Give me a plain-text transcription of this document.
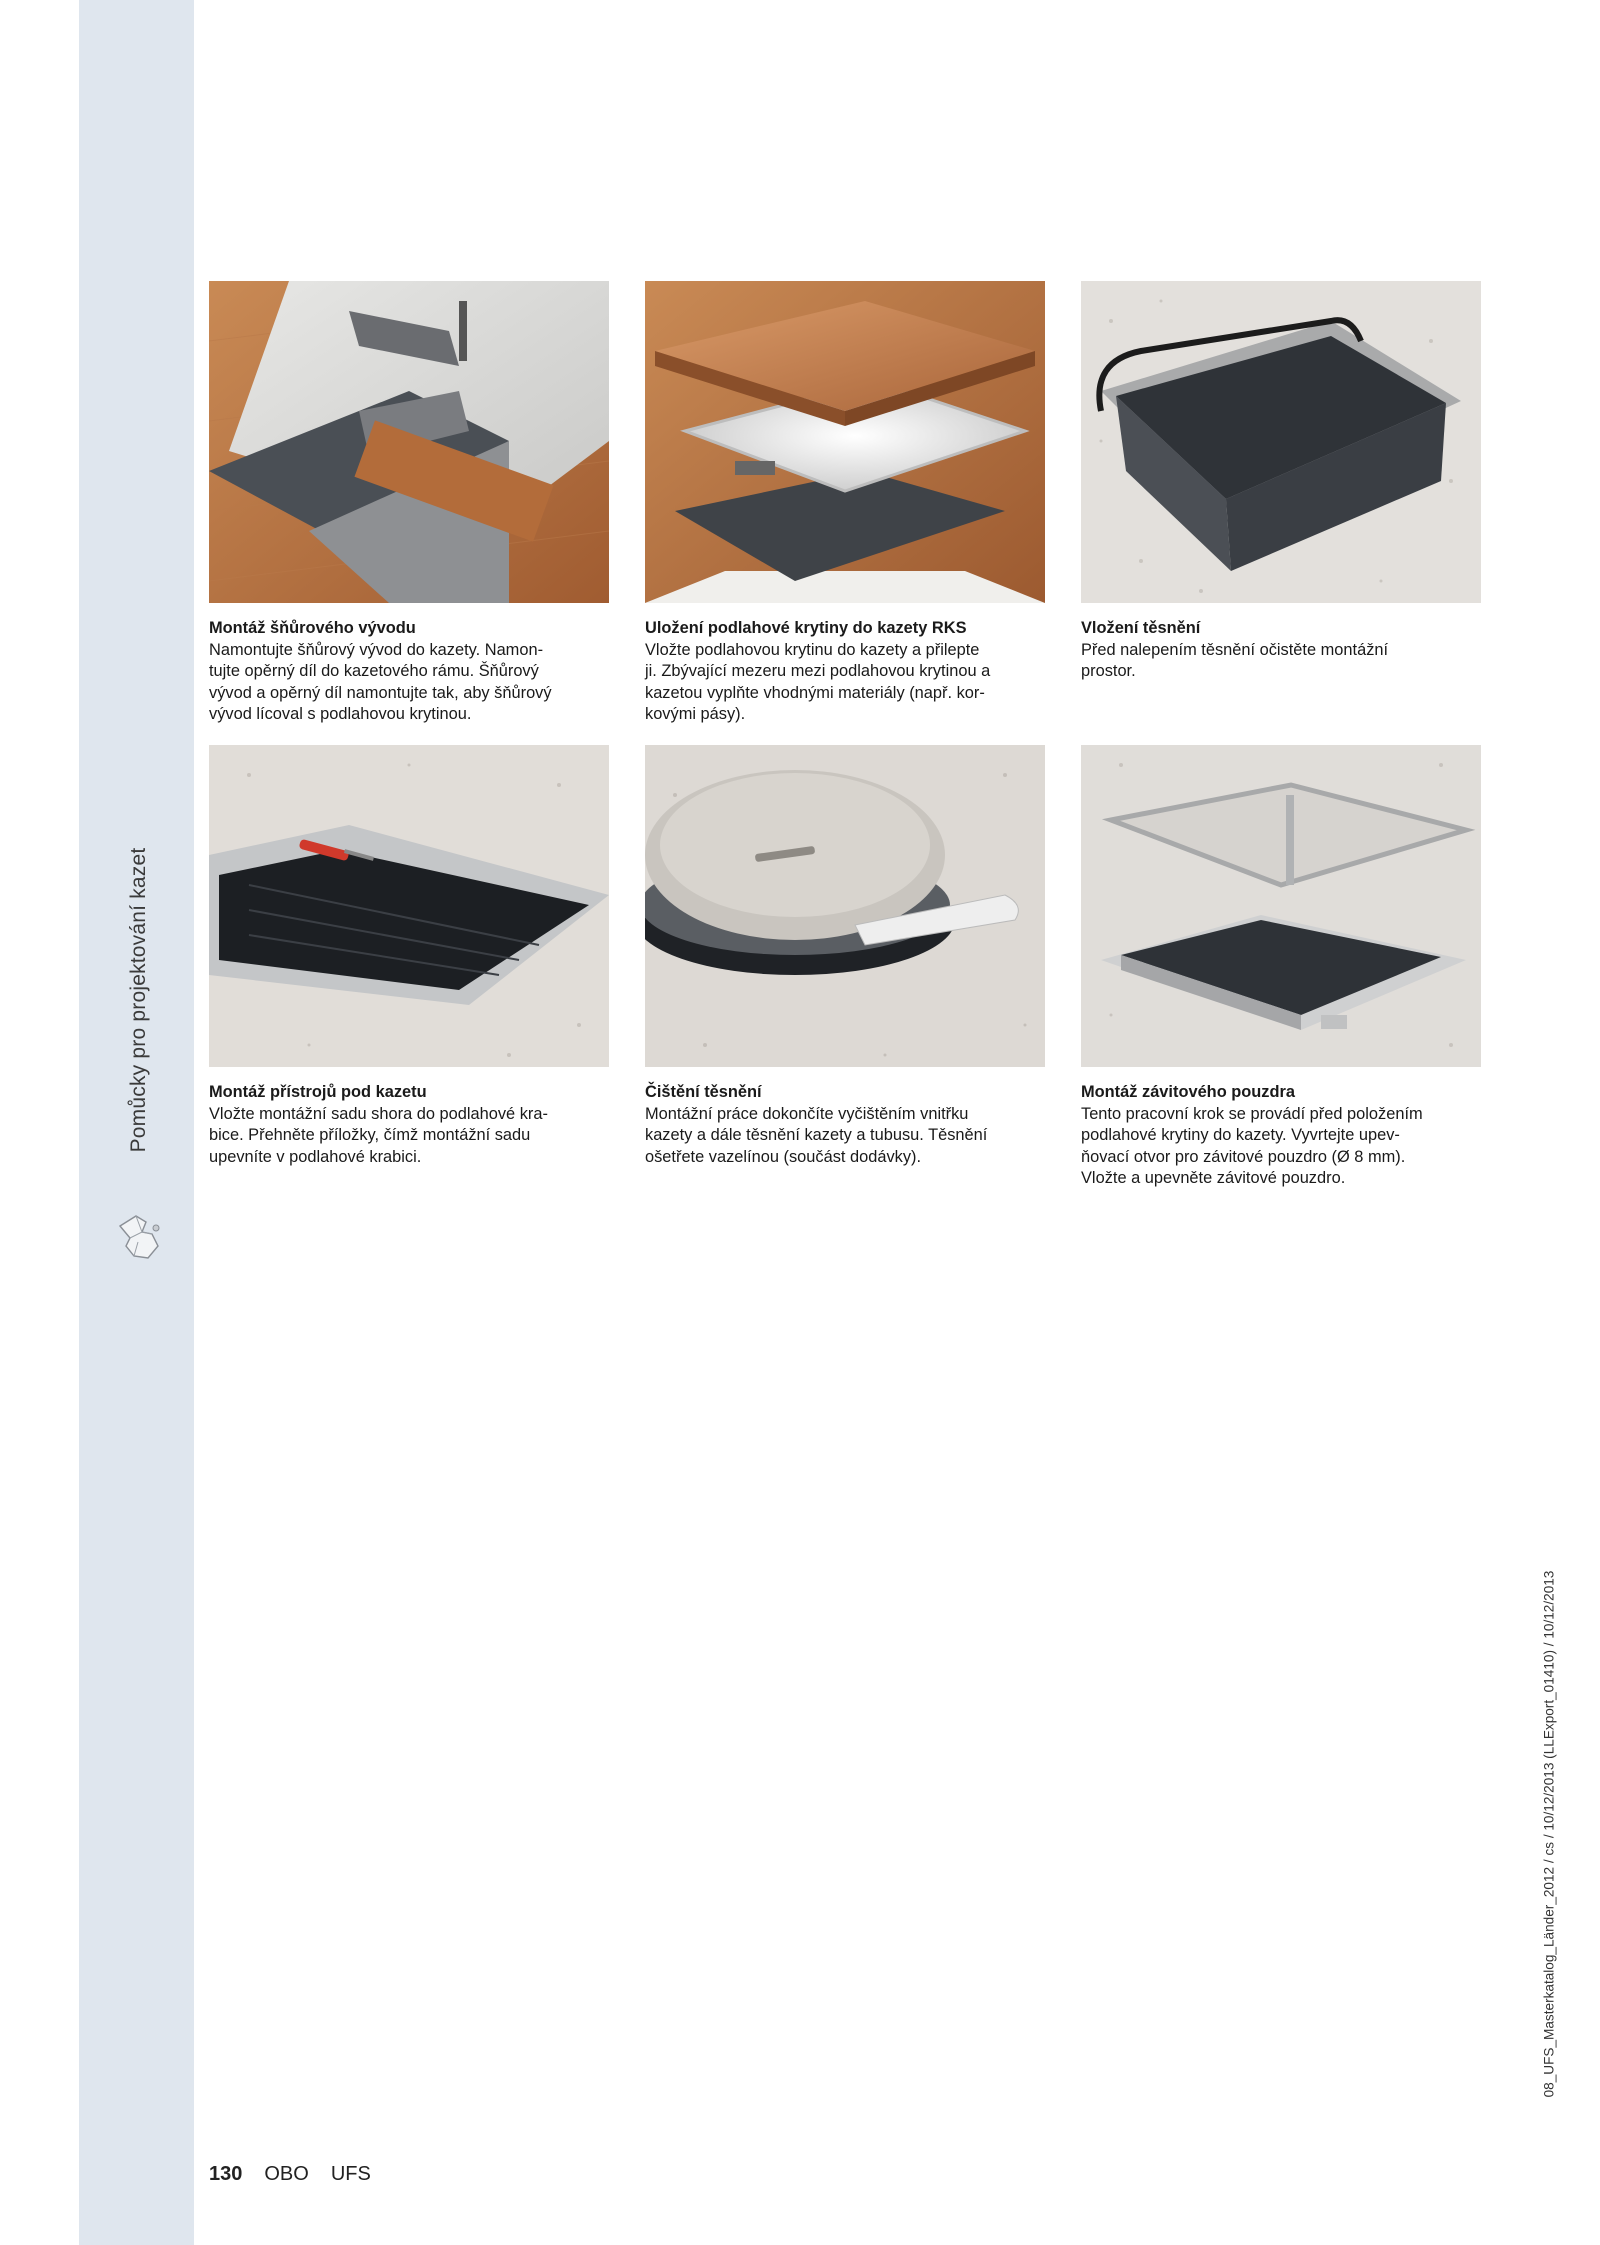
Pomůcky pro projektování kazet
Montáž šňůrového vývodu
Namontujte šňůrový vývod do kazety. Namon-
tujte opěrný díl do kazetového rámu. Šňůrový
vývod a opěrný díl namontujte tak, aby šňůrový
vývod lícoval s podlahovou krytinou.
Uložení podlahové krytiny do kazety RKS
Vložte podlahovou krytinu do kazety a přilepte
ji. Zbývající mezeru mezi podlahovou krytinou a
kazetou vyplňte vhodnými materiály (např. kor-
kovými pásy).
Vložení těsnění
Před nalepením těsnění očistěte montážní
prostor.
Montáž přístrojů pod kazetu
Vložte montážní sadu shora do podlahové kra-
bice. Přehněte příložky, čímž montážní sadu
upevníte v podlahové krabici.
Čištění těsnění
Montážní práce dokončíte vyčištěním vnitřku
kazety a dále těsnění kazety a tubusu. Těsnění
ošetřete vazelínou (součást dodávky).
Montáž závitového pouzdra
Tento pracovní krok se provádí před položením
podlahové krytiny do kazety. Vyvrtejte upev-
ňovací otvor pro závitové pouzdro (Ø 8 mm).
Vložte a upevněte závitové pouzdro.
130 OBO UFS
08_UFS_Masterkatalog_Länder_2012 / cs / 10/12/2013 (LLExport_01410) / 10/12/2013
